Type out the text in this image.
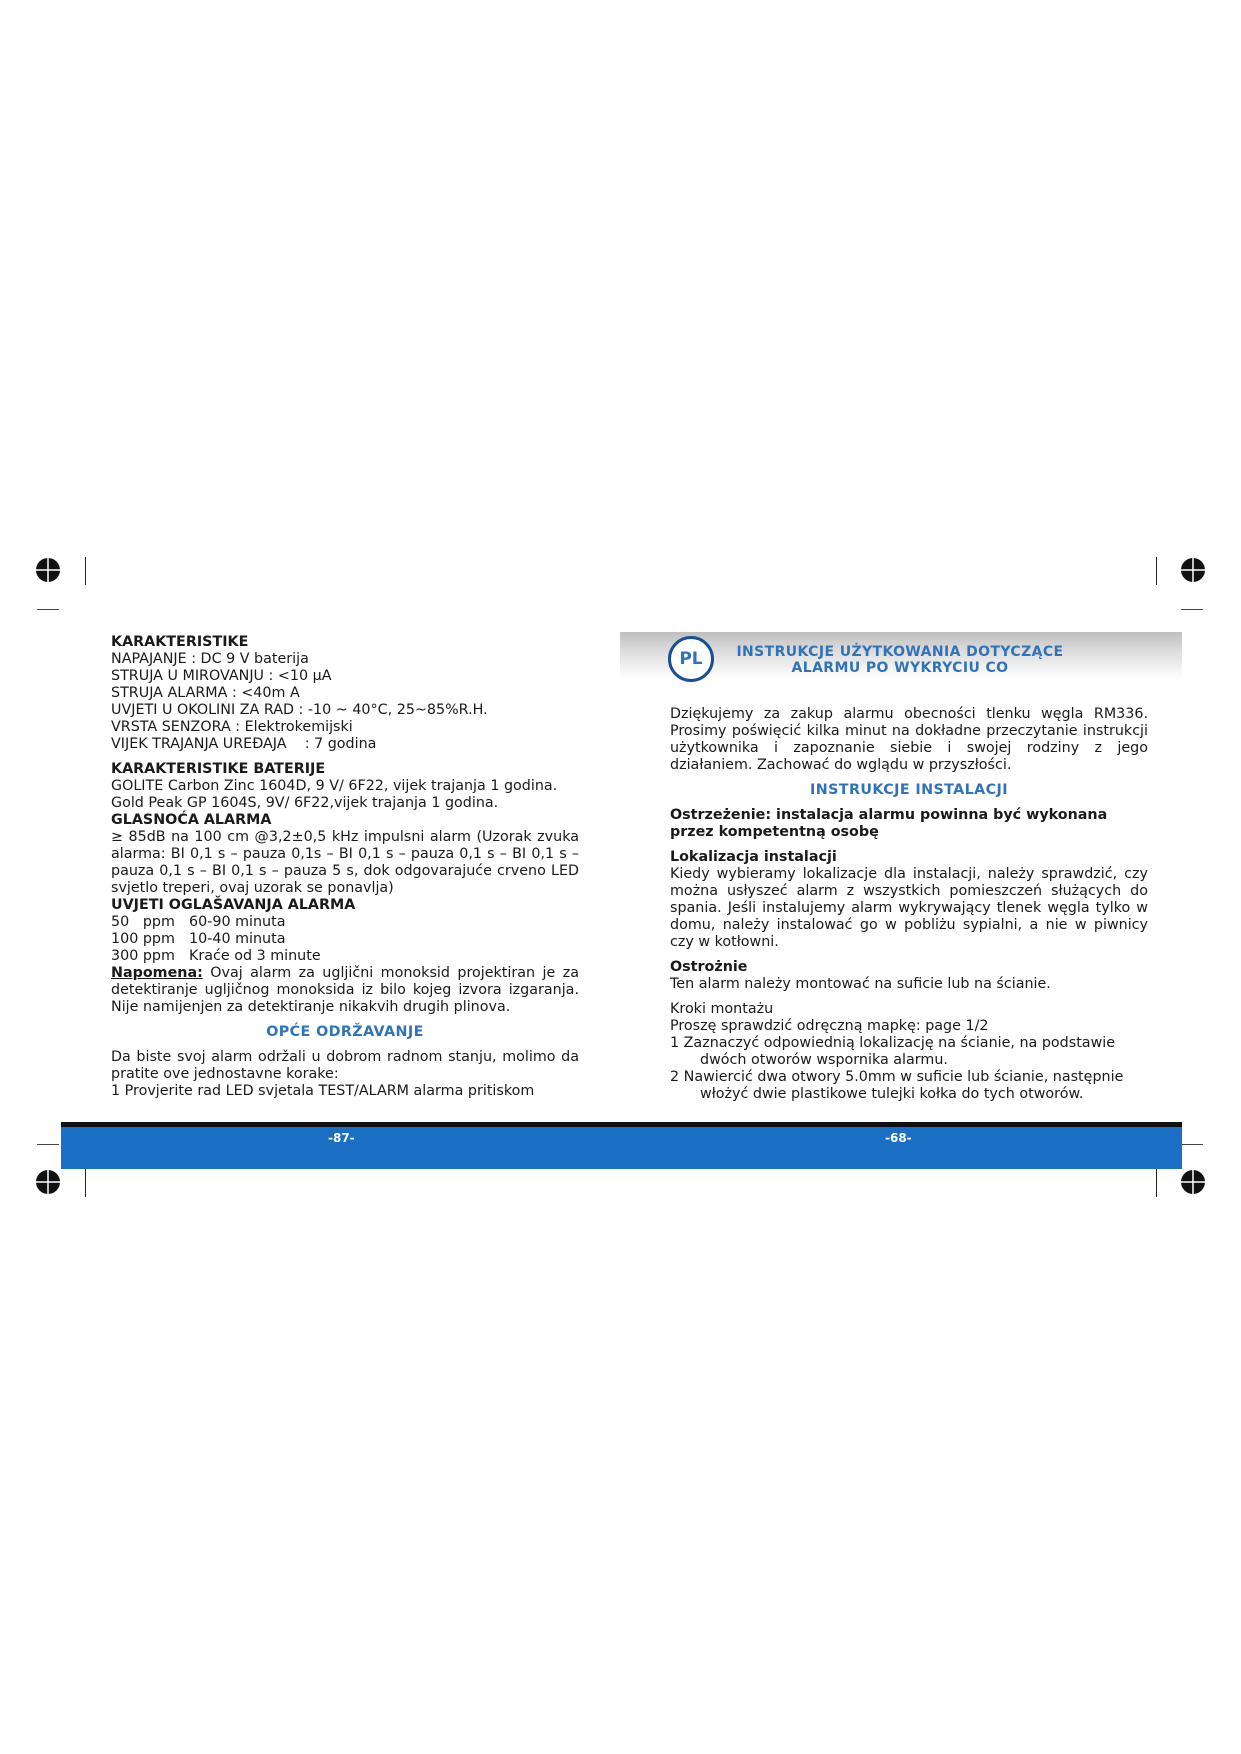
KARAKTERISTIKE

NAPAJANJE : DC 9 V baterija

STRUJA U MIROVANJU : <10 μA

STRUJA ALARMA : <40m A

UVJETI U OKOLINI ZA RAD : -10 ~ 40°C, 25~85%R.H.

VRSTA SENZORA : Elektrokemijski

VIJEK TRAJANJA UREĐAJA    : 7 godina

KARAKTERISTIKE BATERIJE

GOLITE Carbon Zinc 1604D, 9 V/ 6F22, vijek trajanja 1 godina.

Gold Peak GP 1604S, 9V/ 6F22,vijek trajanja 1 godina.

GLASNOĆA ALARMA

≥ 85dB na 100 cm @3,2±0,5 kHz impulsni alarm (Uzorak zvuka alarma: BI 0,1 s – pauza 0,1s – BI 0,1 s – pauza 0,1 s – BI 0,1 s – pauza 0,1 s – BI 0,1 s – pauza 5 s, dok odgovarajuće crveno LED svjetlo treperi, ovaj uzorak se ponavlja)

UVJETI OGLAŠAVANJA ALARMA

50   ppm 60-90 minuta
100 ppm 10-40 minuta
300 ppm Kraće od 3 minute

Napomena: Ovaj alarm za ugljični monoksid projektiran je za detektiranje ugljičnog monoksida iz bilo kojeg izvora izgaranja. Nije namijenjen za detektiranje nikakvih drugih plinova.

OPĆE ODRŽAVANJE

Da biste svoj alarm održali u dobrom radnom stanju, molimo da pratite ove jednostavne korake:

1 Provjerite rad LED svjetala TEST/ALARM alarma pritiskom

PL	INSTRUKCJE UŻYTKOWANIA DOTYCZĄCE
ALARMU PO WYKRYCIU CO

Dziękujemy za zakup alarmu obecności tlenku węgla RM336. Prosimy poświęcić kilka minut na dokładne przeczytanie instrukcji użytkownika i zapoznanie siebie i swojej rodziny z jego działaniem. Zachować do wglądu w przyszłości.

INSTRUKCJE INSTALACJI

Ostrzeżenie: instalacja alarmu powinna być wykonana przez kompetentną osobę

Lokalizacja instalacji

Kiedy wybieramy lokalizacje dla instalacji, należy sprawdzić, czy można usłyszeć alarm z wszystkich pomieszczeń służących do spania. Jeśli instalujemy alarm wykrywający tlenek węgla tylko w domu, należy instalować go w pobliżu sypialni, a nie w piwnicy czy w kotłowni.

Ostrożnie

Ten alarm należy montować na suficie lub na ścianie.

Kroki montażu

Proszę sprawdzić odręczną mapkę: page 1/2

1 Zaznaczyć odpowiednią lokalizację na ścianie, na podstawie

dwóch otworów wspornika alarmu.

2 Nawiercić dwa otwory 5.0mm w suficie lub ścianie, następnie

włożyć dwie plastikowe tulejki kołka do tych otworów.

-87-	-68-
